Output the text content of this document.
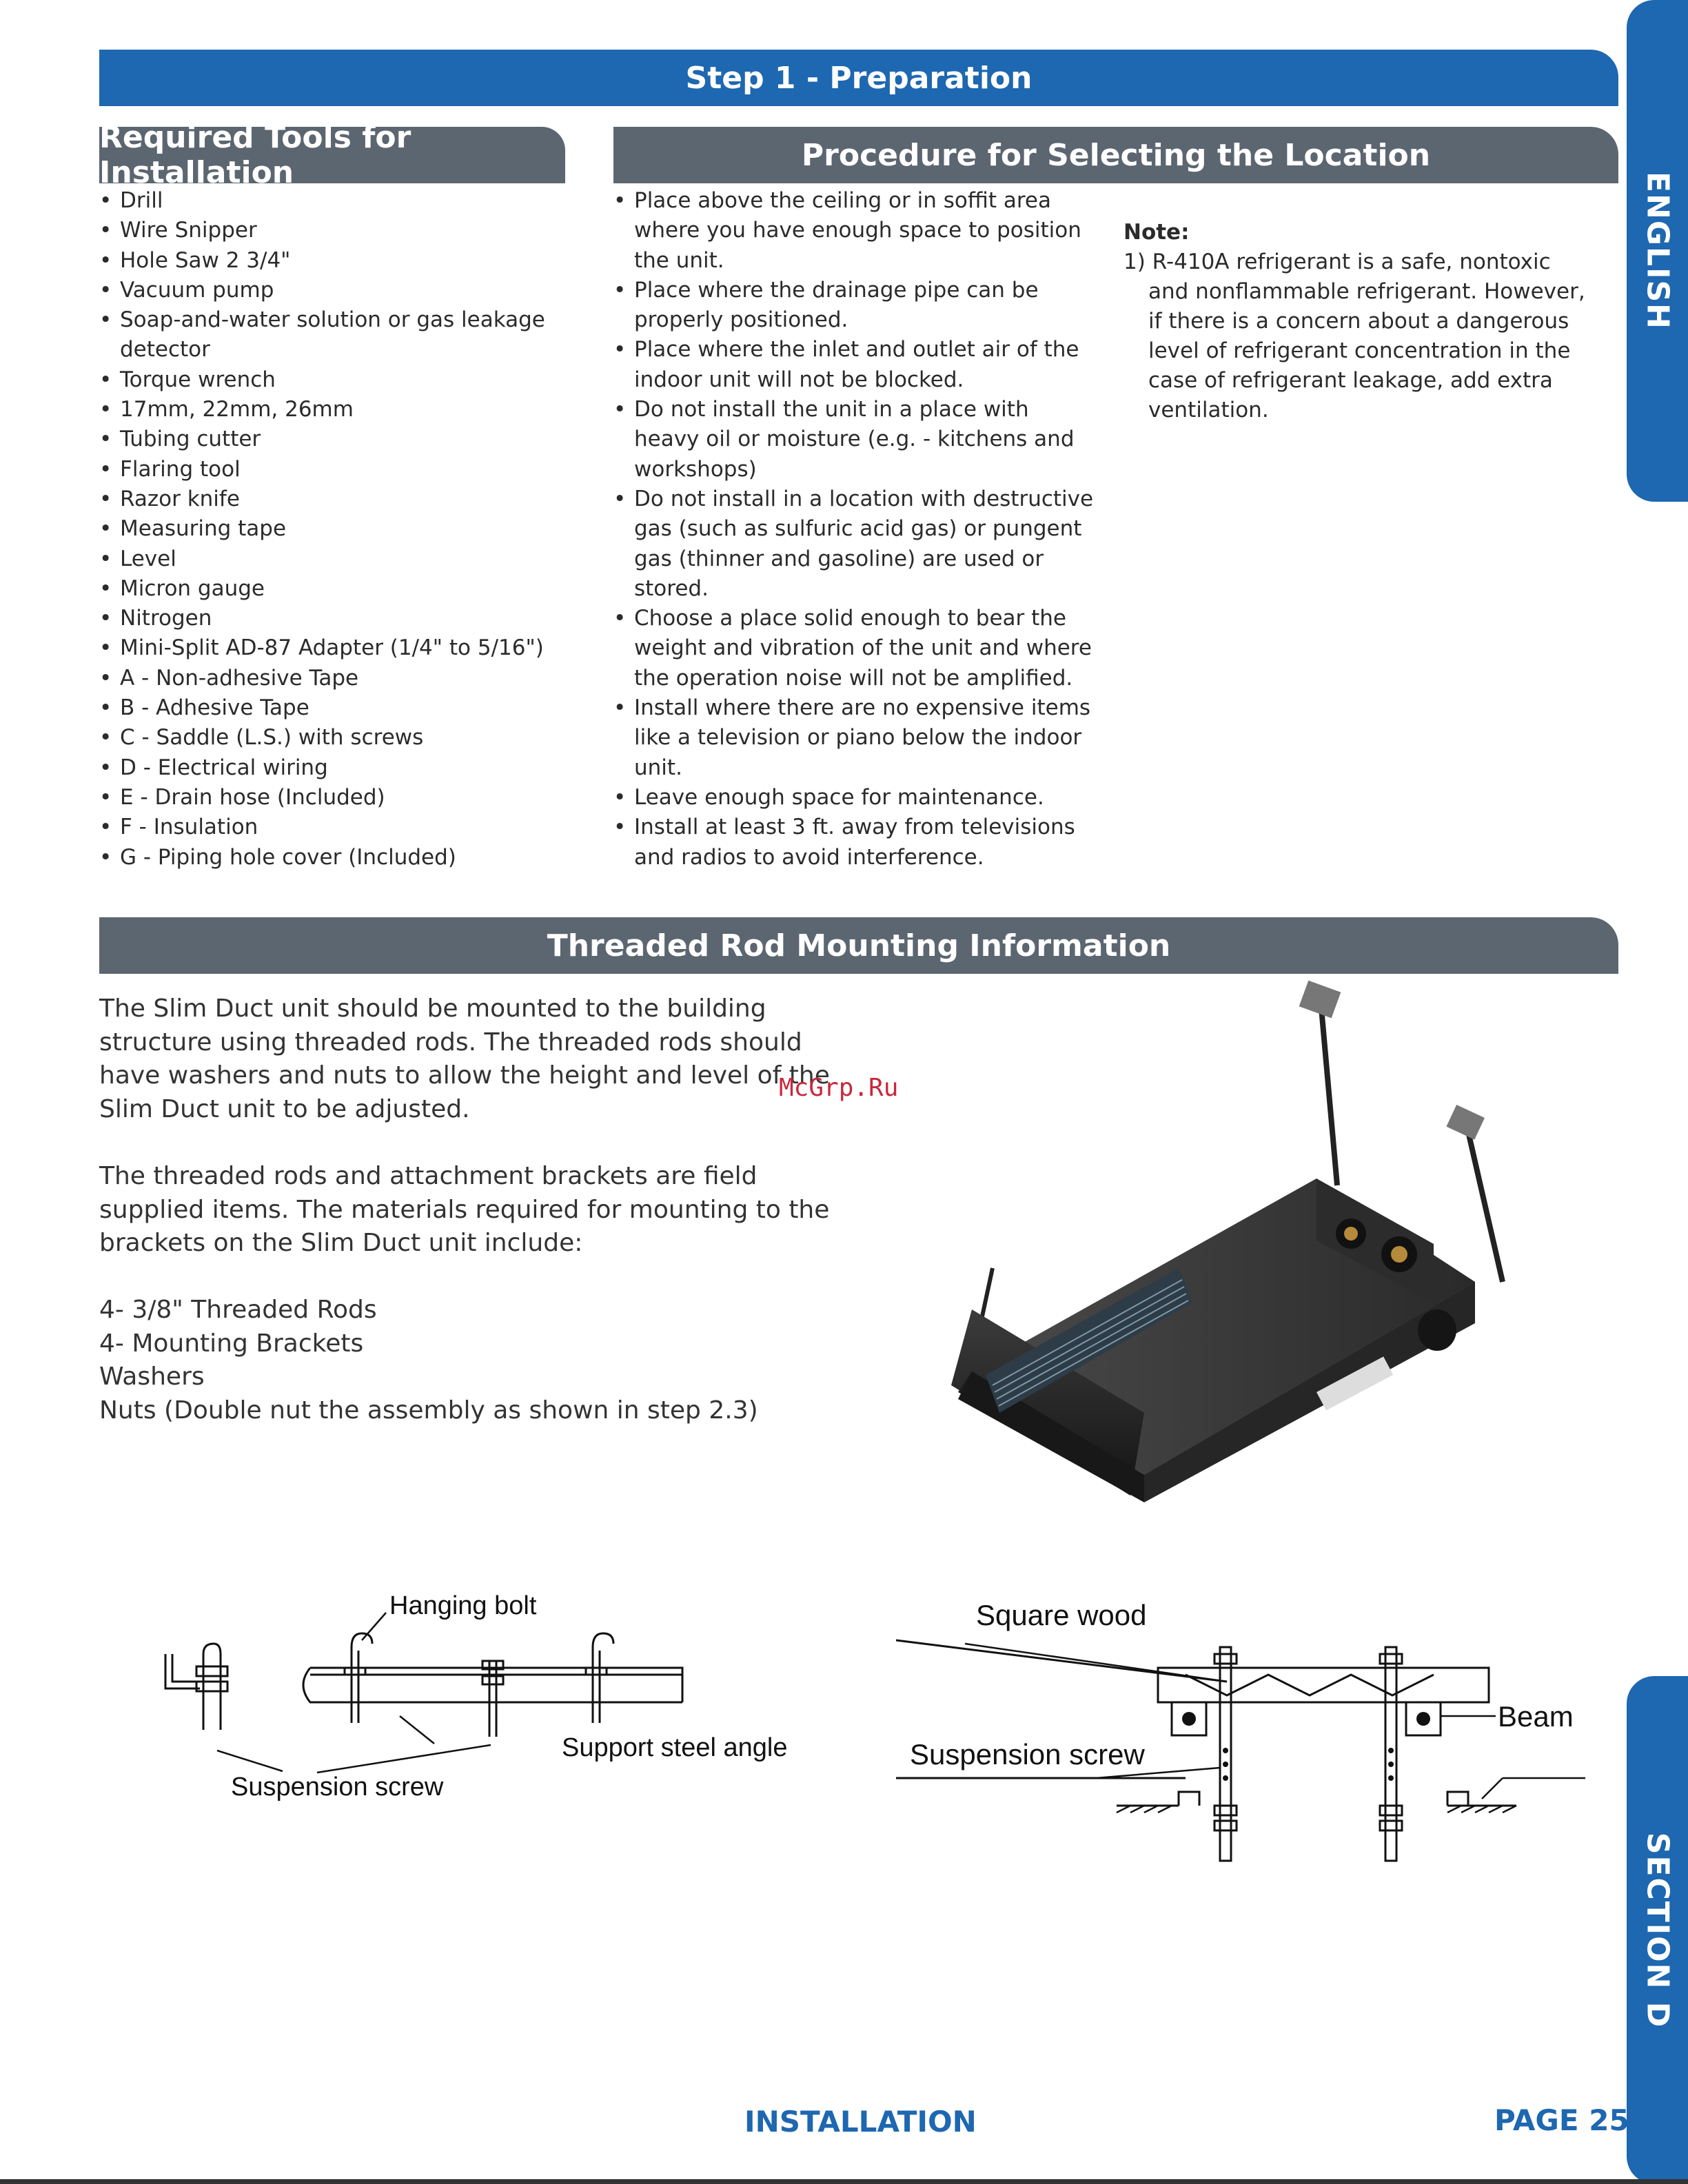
Step 1 - Preparation
ENGLISH
SECTION D
Required Tools for Installation
• Drill
• Wire Snipper
• Hole Saw 2 3/4"
• Vacuum pump
• Soap-and-water solution or gas leakage detector
• Torque wrench
• 17mm, 22mm, 26mm
• Tubing cutter
• Flaring tool
• Razor knife
• Measuring tape
• Level
• Micron gauge
• Nitrogen
• Mini-Split AD-87 Adapter (1/4" to 5/16")
• A - Non-adhesive Tape
• B - Adhesive Tape
• C - Saddle (L.S.) with screws
• D - Electrical wiring
• E - Drain hose (Included)
• F - Insulation
• G - Piping hole cover (Included)
Procedure for Selecting the Location
• Place above the ceiling or in soffit area where you have enough space to position the unit.
• Place where the drainage pipe can be properly positioned.
• Place where the inlet and outlet air of the indoor unit will not be blocked.
• Do not install the unit in a place with heavy oil or moisture (e.g. - kitchens and workshops)
• Do not install in a location with destructive gas (such as sulfuric acid gas) or pungent gas (thinner and gasoline) are used or stored.
• Choose a place solid enough to bear the weight and vibration of the unit and where the operation noise will not be amplified.
• Install where there are no expensive items like a television or piano below the indoor unit.
• Leave enough space for maintenance.
• Install at least 3 ft. away from televisions and radios to avoid interference.
Note:
1) R-410A refrigerant is a safe, nontoxic and nonflammable refrigerant. However, if there is a concern about a dangerous level of refrigerant concentration in the case of refrigerant leakage, add extra ventilation.
Threaded Rod Mounting Information

The Slim Duct unit should be mounted to the building structure using threaded rods. The threaded rods should have washers and nuts to allow the height and level of the Slim Duct unit to be adjusted.

The threaded rods and attachment brackets are field supplied items. The materials required for mounting to the brackets on the Slim Duct unit include:

4- 3/8" Threaded Rods
4- Mounting Brackets
Washers
Nuts (Double nut the assembly as shown in step 2.3)
McGrp.Ru
Hanging bolt
Support steel angle
Suspension screw
Square wood
Beam
Suspension screw
INSTALLATION	PAGE 25
